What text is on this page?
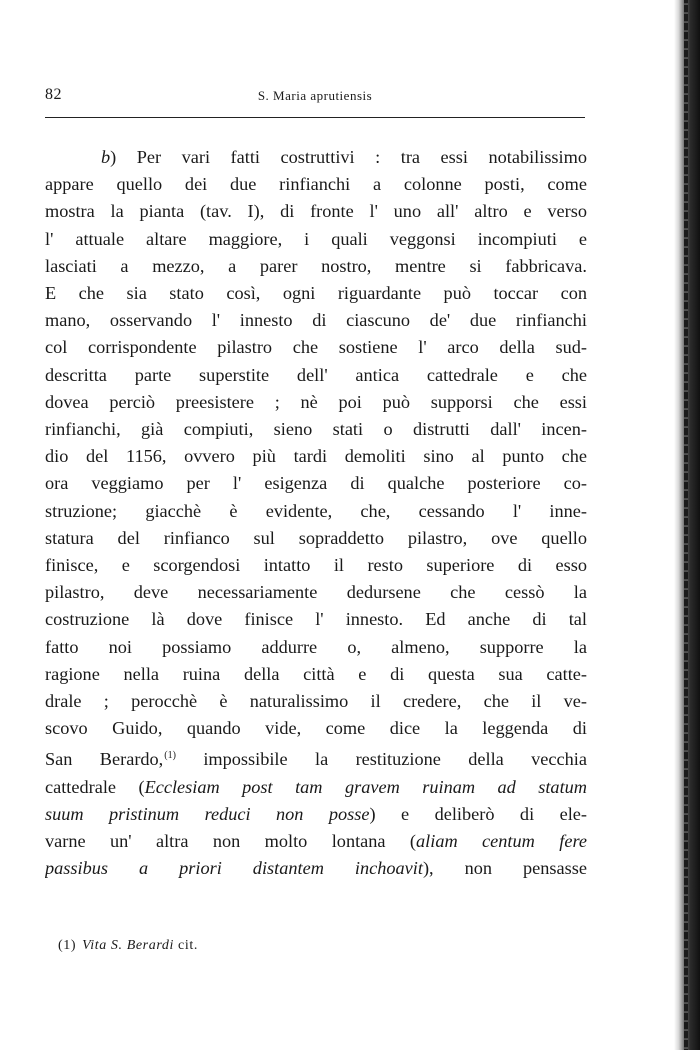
82	S. Maria aprutiensis
b) Per vari fatti costruttivi : tra essi notabilissimo
appare quello dei due rinfianchi a colonne posti, come
mostra la pianta (tav. I), di fronte l' uno all' altro e verso
l' attuale altare maggiore, i quali veggonsi incompiuti e
lasciati a mezzo, a parer nostro, mentre si fabbricava.
E che sia stato così, ogni riguardante può toccar con
mano, osservando l' innesto di ciascuno de' due rinfianchi
col corrispondente pilastro che sostiene l' arco della sud-
descritta parte superstite dell' antica cattedrale e che
dovea perciò preesistere ; nè poi può supporsi che essi
rinfianchi, già compiuti, sieno stati o distrutti dall' incen-
dio del 1156, ovvero più tardi demoliti sino al punto che
ora veggiamo per l' esigenza di qualche posteriore co-
struzione; giacchè è evidente, che, cessando l' inne-
statura del rinfianco sul sopraddetto pilastro, ove quello
finisce, e scorgendosi intatto il resto superiore di esso
pilastro, deve necessariamente dedursene che cessò la
costruzione là dove finisce l' innesto. Ed anche di tal
fatto noi possiamo addurre o, almeno, supporre la
ragione nella ruina della città e di questa sua catte-
drale ; perocchè è naturalissimo il credere, che il ve-
scovo Guido, quando vide, come dice la leggenda di
San Berardo,$^{(1)}$ impossibile la restituzione della vecchia
cattedrale (Ecclesiam post tam gravem ruinam ad statum
suum pristinum reduci non posse) e deliberò di ele-
varne un' altra non molto lontana (aliam centum fere
passibus a priori distantem inchoavit), non pensasse
(1) Vita S. Berardi cit.
